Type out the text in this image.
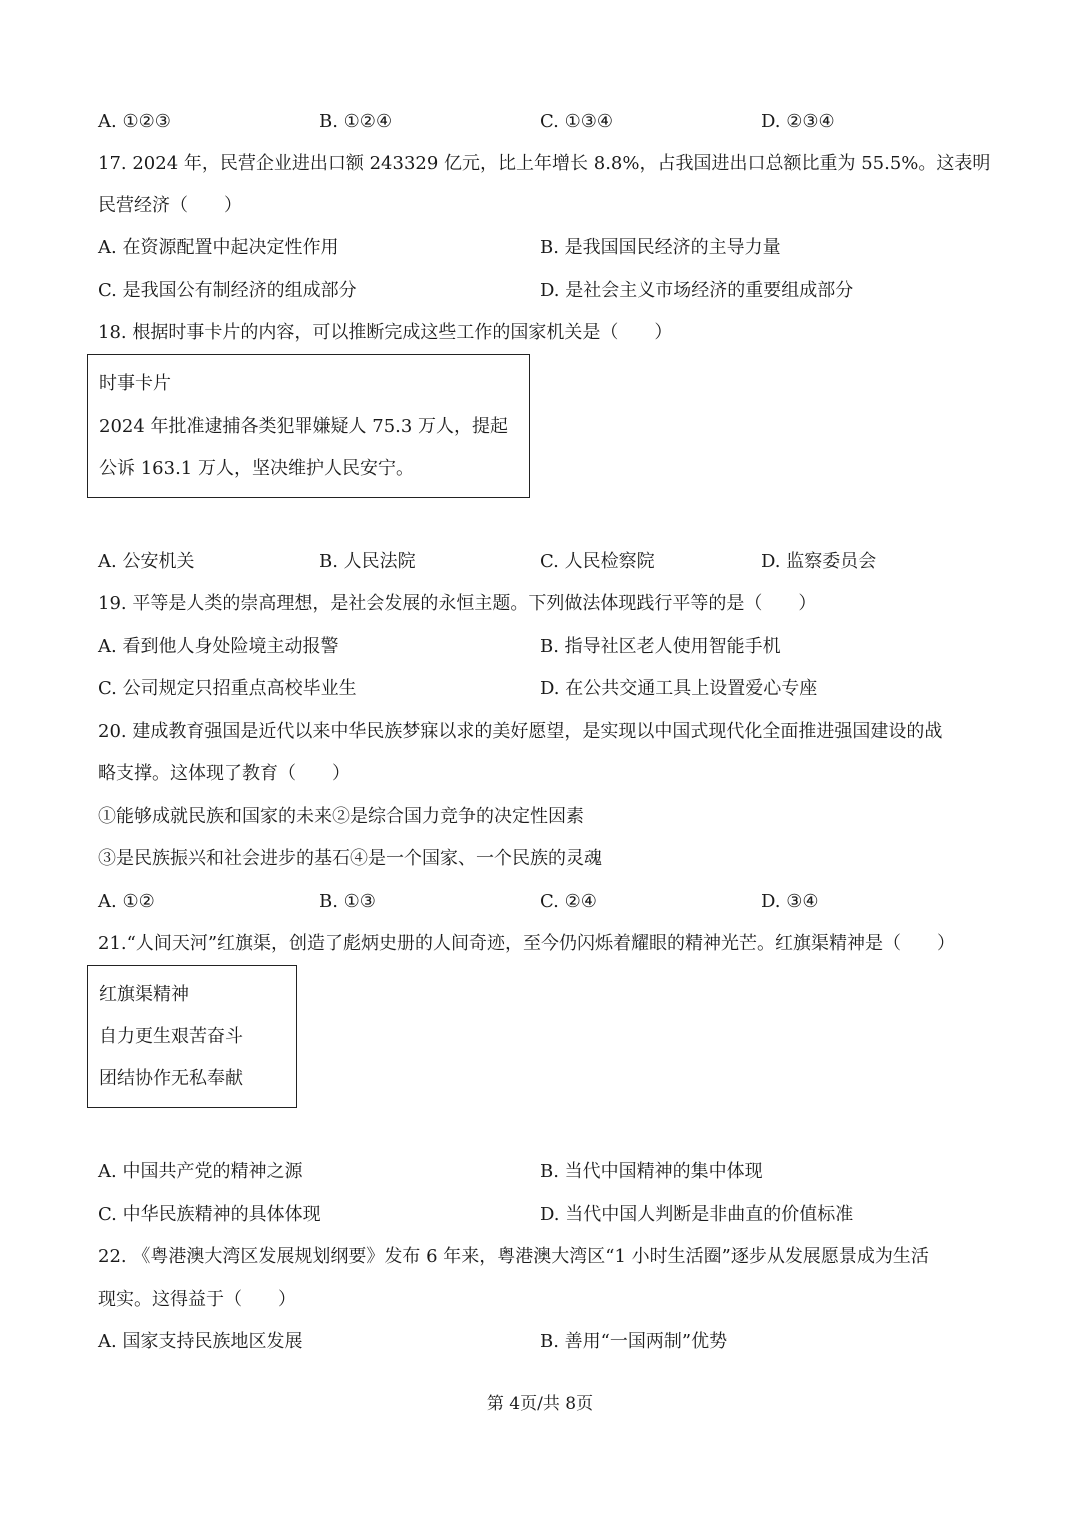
A. ①②③	B. ①②④	C. ①③④	D. ②③④
17. 2024 年，民营企业进出口额 243329 亿元，比上年增长 8.8%，占我国进出口总额比重为 55.5%。这表明
民营经济（　　）
A. 在资源配置中起决定性作用	B. 是我国国民经济的主导力量
C. 是我国公有制经济的组成部分	D. 是社会主义市场经济的重要组成部分
18. 根据时事卡片的内容，可以推断完成这些工作的国家机关是（　　）
时事卡片
2024 年批准逮捕各类犯罪嫌疑人 75.3 万人，提起
公诉 163.1 万人，坚决维护人民安宁。
A. 公安机关	B. 人民法院	C. 人民检察院	D. 监察委员会
19. 平等是人类的崇高理想，是社会发展的永恒主题。下列做法体现践行平等的是（　　）
A. 看到他人身处险境主动报警	B. 指导社区老人使用智能手机
C. 公司规定只招重点高校毕业生	D. 在公共交通工具上设置爱心专座
20. 建成教育强国是近代以来中华民族梦寐以求的美好愿望，是实现以中国式现代化全面推进强国建设的战
略支撑。这体现了教育（　　）
①能够成就民族和国家的未来②是综合国力竞争的决定性因素
③是民族振兴和社会进步的基石④是一个国家、一个民族的灵魂
A. ①②	B. ①③	C. ②④	D. ③④
21.“人间天河”红旗渠，创造了彪炳史册的人间奇迹，至今仍闪烁着耀眼的精神光芒。红旗渠精神是（　　）
红旗渠精神
自力更生艰苦奋斗
团结协作无私奉献
A. 中国共产党的精神之源	B. 当代中国精神的集中体现
C. 中华民族精神的具体体现	D. 当代中国人判断是非曲直的价值标准
22. 《粤港澳大湾区发展规划纲要》发布 6 年来，粤港澳大湾区“1 小时生活圈”逐步从发展愿景成为生活
现实。这得益于（　　）
A. 国家支持民族地区发展	B. 善用“一国两制”优势
第 4页/共 8页
